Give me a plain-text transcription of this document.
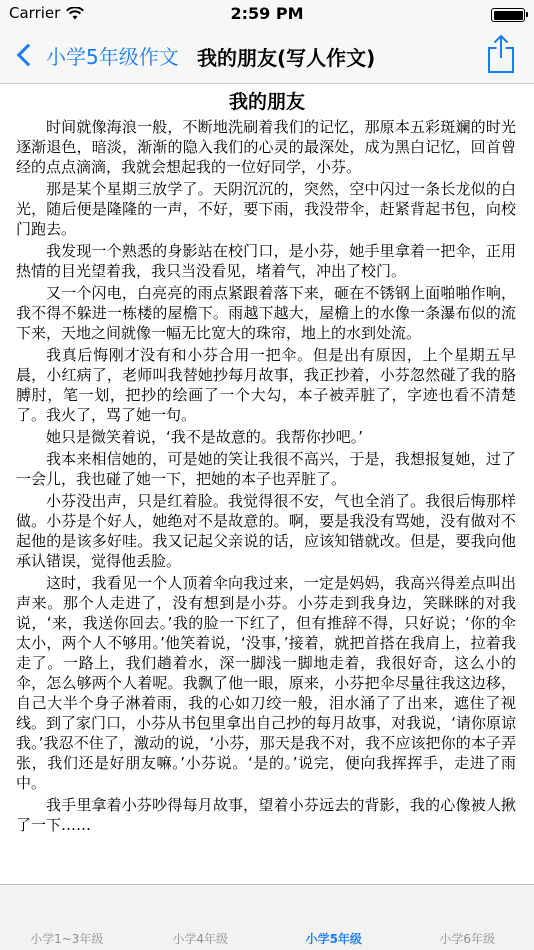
Carrier	2:59 PM
小学5年级作文 我的朋友(写人作文)
我的朋友

时间就像海浪一般，不断地洗刷着我们的记忆，那原本五彩斑斓的时光逐渐退色，暗淡，渐渐的隐入我们的心灵的最深处，成为黑白记忆，回首曾经的点点滴滴，我就会想起我的一位好同学，小芬。

那是某个星期三放学了。天阴沉沉的，突然，空中闪过一条长龙似的白光，随后便是隆隆的一声，不好，要下雨，我没带伞，赶紧背起书包，向校门跑去。

我发现一个熟悉的身影站在校门口，是小芬，她手里拿着一把伞，正用热情的目光望着我，我只当没看见，堵着气，冲出了校门。

又一个闪电，白亮亮的雨点紧跟着落下来，砸在不锈钢上面啪啪作响，我不得不躲进一栋楼的屋檐下。雨越下越大，屋檐上的水像一条瀑布似的流下来，天地之间就像一幅无比宽大的珠帘，地上的水到处流。

我真后悔刚才没有和小芬合用一把伞。但是出有原因，上个星期五早晨，小红病了，老师叫我替她抄每月故事，我正抄着，小芬忽然碰了我的胳膊肘，笔一划，把抄的绘画了一个大勾，本子被弄脏了，字迹也看不清楚了。我火了，骂了她一句。

她只是微笑着说，‘我不是故意的。我帮你抄吧。’

我本来相信她的，可是她的笑让我很不高兴，于是，我想报复她，过了一会儿，我也碰了她一下，把她的本子也弄脏了。

小芬没出声，只是红着脸。我觉得很不安，气也全消了。我很后悔那样做。小芬是个好人，她绝对不是故意的。啊，要是我没有骂她，没有做对不起他的是该多好哇。我又记起父亲说的话，应该知错就改。但是，要我向他承认错误，觉得他丢脸。

这时，我看见一个人顶着伞向我过来，一定是妈妈，我高兴得差点叫出声来。那个人走进了，没有想到是小芬。小芬走到我身边，笑眯眯的对我说，‘来，我送你回去。’我的脸一下红了，但有推辞不得，只好说；‘你的伞太小，两个人不够用。’他笑着说，‘没事，’接着，就把首搭在我肩上，拉着我走了。一路上，我们趟着水，深一脚浅一脚地走着，我很好奇，这么小的伞，怎么够两个人着呢。我飘了他一眼，原来，小芬把伞尽量往我这边移，自己大半个身子淋着雨，我的心如刀绞一般，泪水涌了了出来，遮住了视线。到了家门口，小芬从书包里拿出自己抄的每月故事，对我说，‘请你原谅我。’我忍不住了，激动的说，‘小芬，那天是我不对，我不应该把你的本子弄张，我们还是好朋友嘛。’小芬说。‘是的。’说完，便向我挥挥手，走进了雨中。

我手里拿着小芬吵得每月故事，望着小芬远去的背影，我的心像被人揪了一下……

小学1~3年级	小学4年级	小学5年级	小学6年级
